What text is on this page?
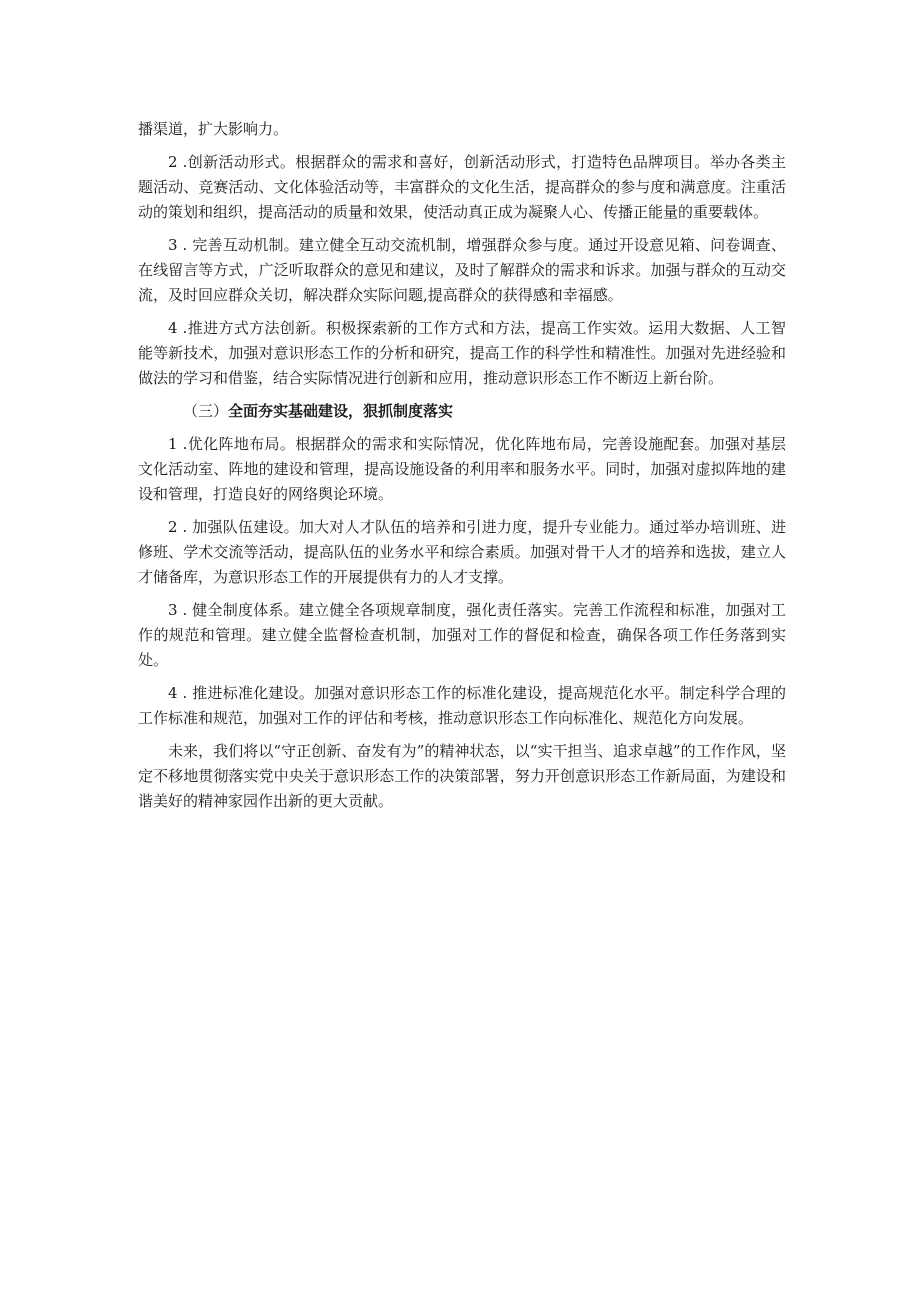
播渠道，扩大影响力。

2 .创新活动形式。根据群众的需求和喜好，创新活动形式，打造特色品牌项目。举办各类主题活动、竞赛活动、文化体验活动等，丰富群众的文化生活，提高群众的参与度和满意度。注重活动的策划和组织，提高活动的质量和效果，使活动真正成为凝聚人心、传播正能量的重要载体。

3 . 完善互动机制。建立健全互动交流机制，增强群众参与度。通过开设意见箱、问卷调查、在线留言等方式，广泛听取群众的意见和建议，及时了解群众的需求和诉求。加强与群众的互动交流，及时回应群众关切，解决群众实际问题,提高群众的获得感和幸福感。

4 .推进方式方法创新。积极探索新的工作方式和方法，提高工作实效。运用大数据、人工智能等新技术，加强对意识形态工作的分析和研究，提高工作的科学性和精准性。加强对先进经验和做法的学习和借鉴，结合实际情况进行创新和应用，推动意识形态工作不断迈上新台阶。

（三）全面夯实基础建设，狠抓制度落实

1 .优化阵地布局。根据群众的需求和实际情况，优化阵地布局，完善设施配套。加强对基层文化活动室、阵地的建设和管理，提高设施设备的利用率和服务水平。同时，加强对虚拟阵地的建设和管理，打造良好的网络舆论环境。

2 . 加强队伍建设。加大对人才队伍的培养和引进力度，提升专业能力。通过举办培训班、进修班、学术交流等活动，提高队伍的业务水平和综合素质。加强对骨干人才的培养和选拔，建立人才储备库，为意识形态工作的开展提供有力的人才支撑。

3 . 健全制度体系。建立健全各项规章制度，强化责任落实。完善工作流程和标准，加强对工作的规范和管理。建立健全监督检查机制，加强对工作的督促和检查，确保各项工作任务落到实处。

4 . 推进标准化建设。加强对意识形态工作的标准化建设，提高规范化水平。制定科学合理的工作标准和规范，加强对工作的评估和考核，推动意识形态工作向标准化、规范化方向发展。

未来，我们将以“守正创新、奋发有为”的精神状态，以“实干担当、追求卓越”的工作作风，坚定不移地贯彻落实党中央关于意识形态工作的决策部署，努力开创意识形态工作新局面，为建设和谐美好的精神家园作出新的更大贡献。
